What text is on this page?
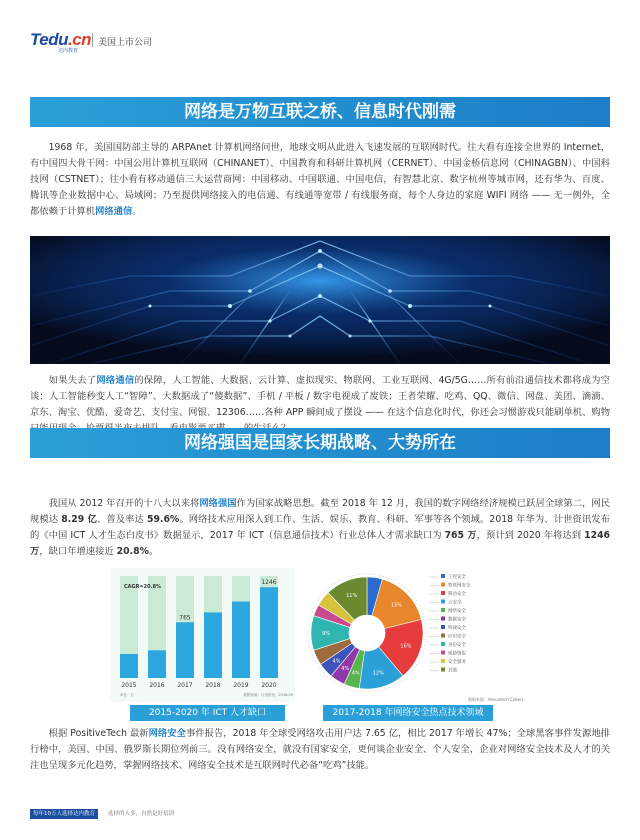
Tedu.cn
达内教育
美国上市公司
网络是万物互联之桥、信息时代刚需
  1968 年，美国国防部主导的 ARPAnet 计算机网络问世，地球文明从此进入飞速发展的互联网时代。往大看有连接全世界的 Internet，有中国四大骨干网：中国公用计算机互联网（CHINANET）、中国教育和科研计算机网（CERNET）、中国金桥信息网（CHINAGBN）、中国科技网（CSTNET）；往小看有移动通信三大运营商网：中国移动、中国联通、中国电信，有智慧北京、数字杭州等城市网，还有华为、百度、腾讯等企业数据中心、局域网；乃至提供网络接入的电信通、有线通等宽带 / 有线服务商，每个人身边的家庭 WIFI 网络 —— 无一例外，全都依赖于计算机网络通信。
  如果失去了网络通信的保障，人工智能、大数据、云计算、虚拟现实、物联网、工业互联网、4G/5G……所有前沿通信技术都将成为空谈；人工智能秒变人工“智障”、大数据成了“傻数据”、手机 / 平板 / 数字电视成了废铁；王者荣耀、吃鸡、QQ、微信、网盘、美团、滴滴、京东、淘宝、优酷、爱奇艺、支付宝、网银、12306……各种 APP 瞬间成了摆设 —— 在这个信息化时代，你还会习惯游戏只能刷单机、购物
网络强国是国家长期战略、大势所在
  我国从 2012 年召开的十八大以来将网络强国作为国家战略思想。截至 2018 年 12 月，我国的数字网络经济规模已跃居全球第二，网民规模达 8.29 亿、普及率达 59.6%。网络技术应用深入到工作、生活、娱乐、教育、科研、军事等各个领域。2018 年华为、计世资讯发布的《中国 ICT 人才生态白皮书》数据显示，2017 年 ICT（信息通信技术）行业总体人才需求缺口为 765 万，预计到 2020 年将达到 1246 万，缺口年增速接近 20.8%。
2015 2016 2017
765
2018 2019 2020
1246
CAGR=20.8%
单位：万	数据来源：计世资讯，2018.09
2015-2020 年 ICT 人才缺口
15%
16%
12%
4%
4%
4%
9%
11%
工控安全
物联网安全
移动安全
云安全
网络安全
数据安全
终端安全
应用安全
身份安全
威胁情报
安全服务
其他
数据来源：Venustech CyberI
2017-2018 年网络安全热点技术领域
  根据 PositiveTech 最新网络安全事件报告，2018 年全球受网络攻击用户达 7.65 亿，相比 2017 年增长 47%；全球黑客事件发源地排行榜中，美国、中国、俄罗斯长期位列前三。没有网络安全，就没有国家安全，更何谈企业安全、个人安全，企业对网络安全技术及人才的关注也呈现多元化趋势，掌握网络技术、网络安全技术是互联网时代必备“吃鸡”技能。
每年10万人选择达内教育	选择的人多，自然是好培训
